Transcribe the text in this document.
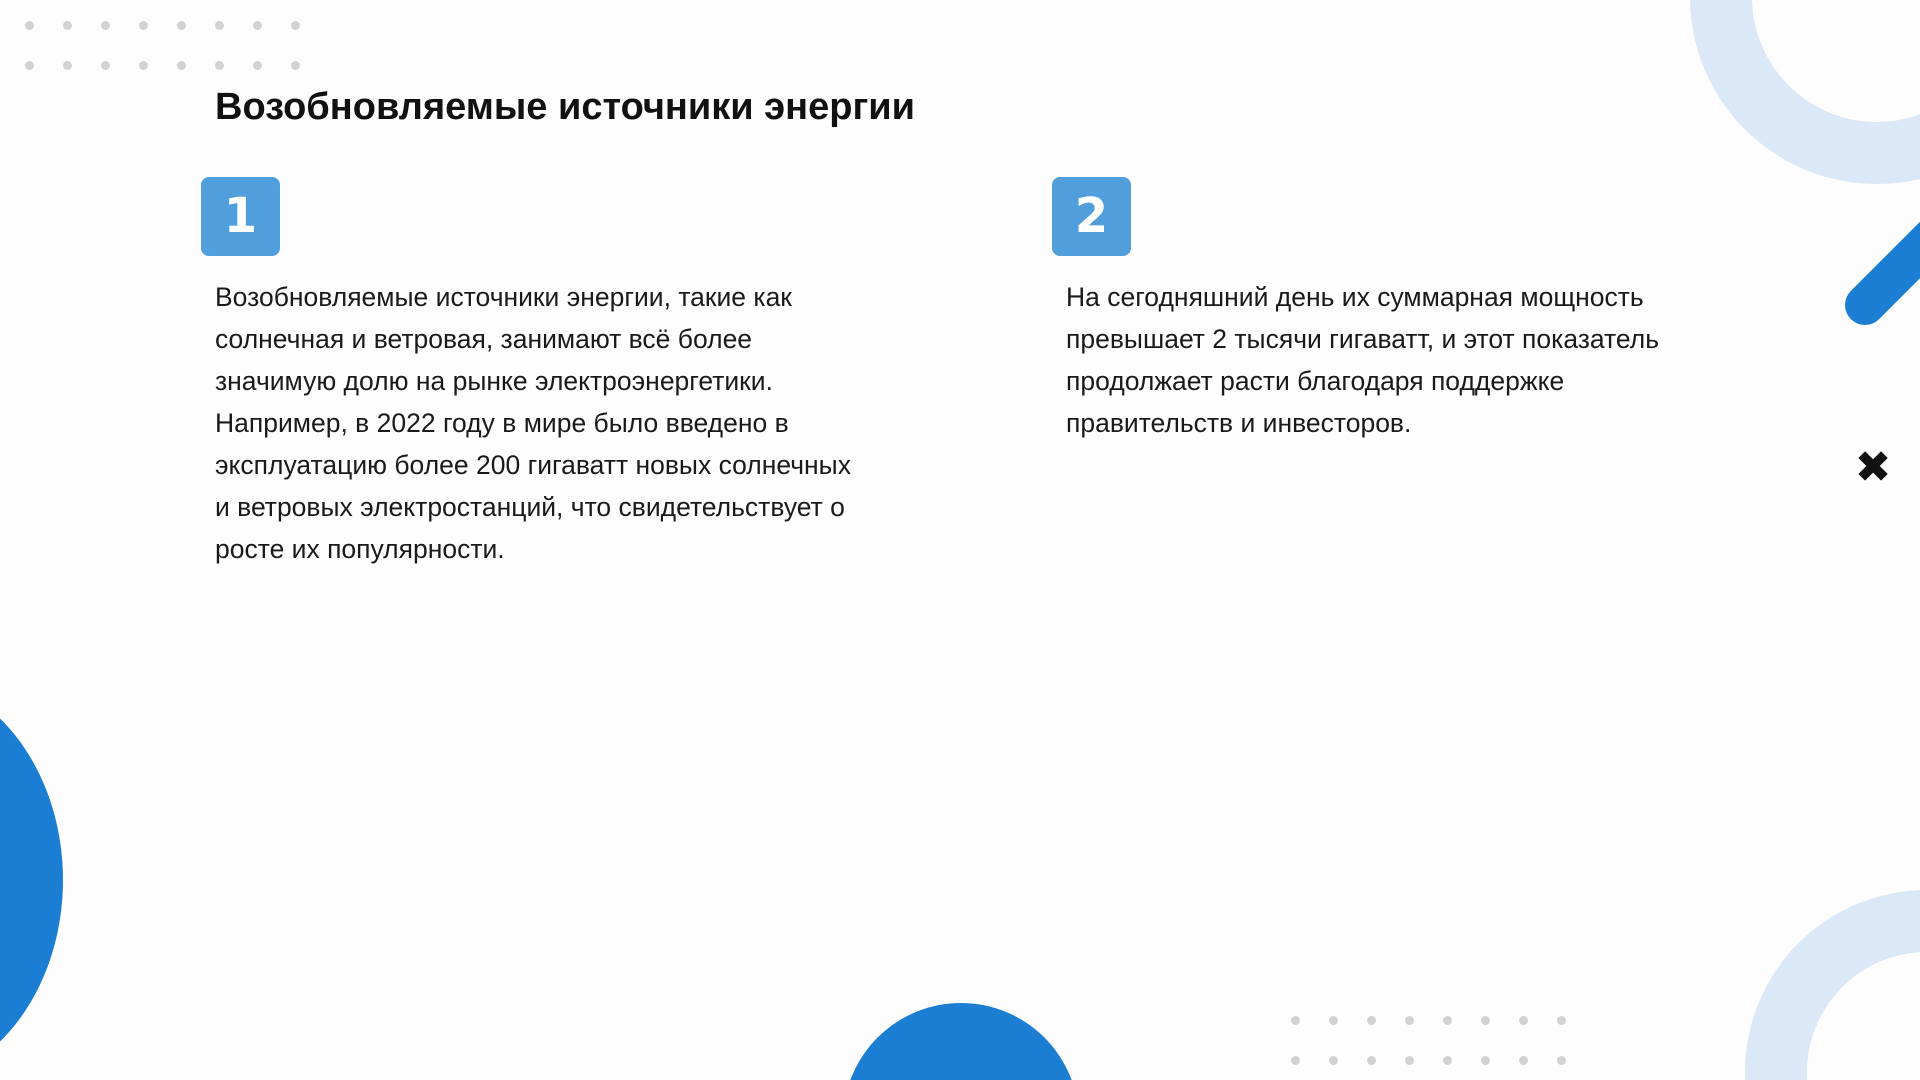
✖
Возобновляемые источники энергии
1

Возобновляемые источники энергии, такие как солнечная и ветровая, занимают всё более значимую долю на рынке электроэнергетики. Например, в 2022 году в мире было введено в эксплуатацию более 200 гигаватт новых солнечных и ветровых электростанций, что свидетельствует о росте их популярности.

2

На сегодняшний день их суммарная мощность превышает 2 тысячи гигаватт, и этот показатель продолжает расти благодаря поддержке правительств и инвесторов.
